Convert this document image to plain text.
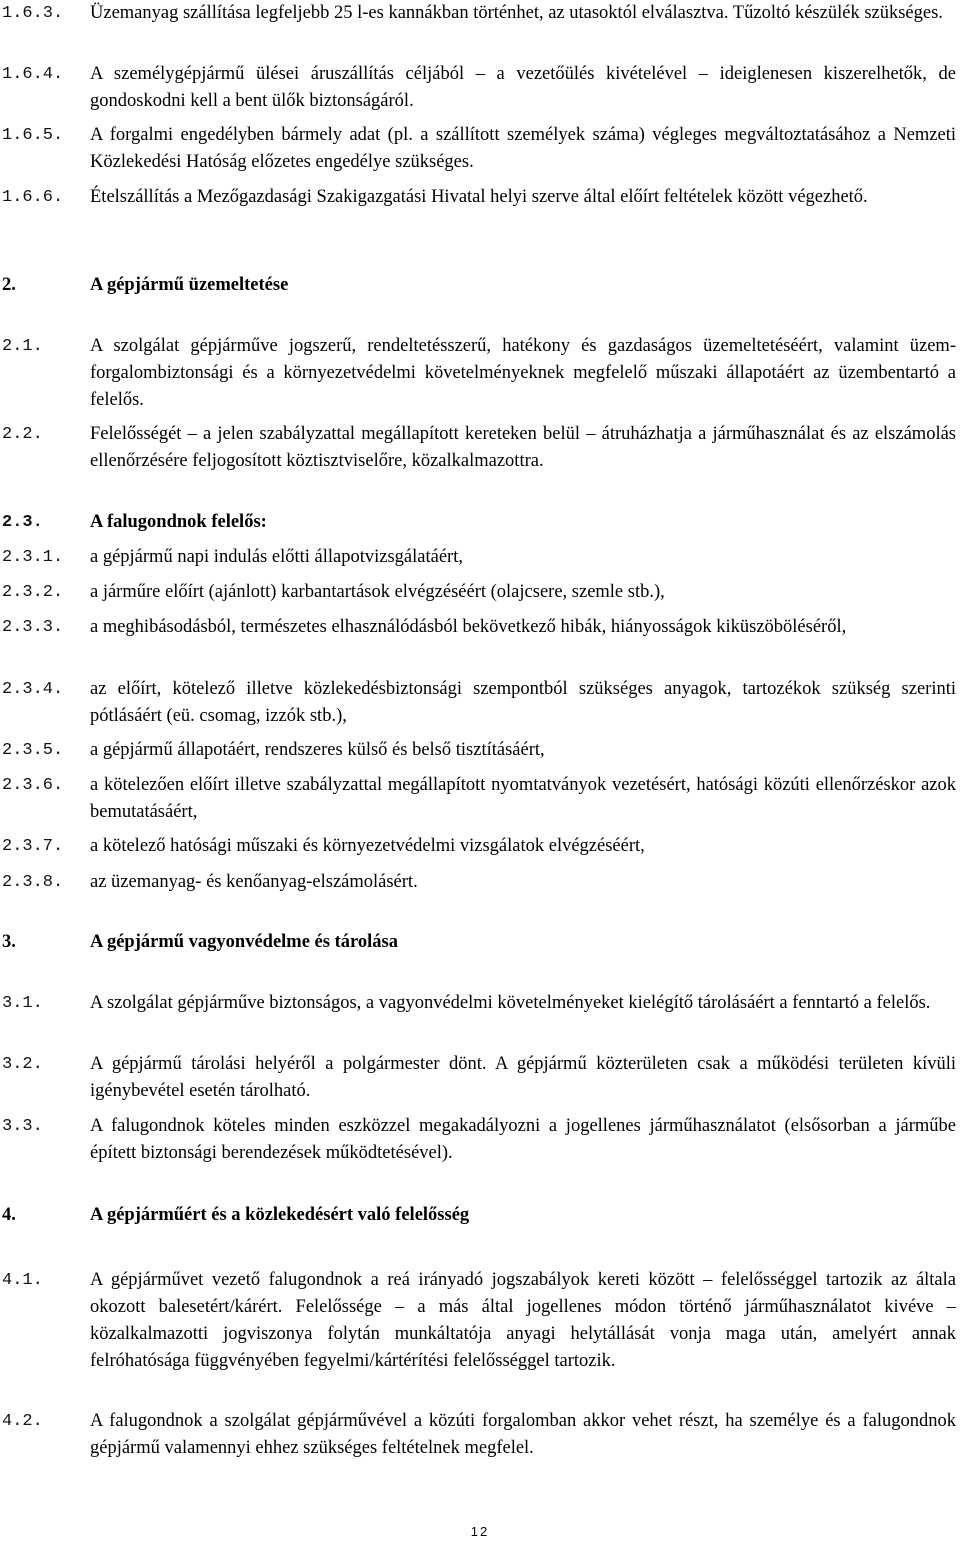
1.6.3. Üzemanyag szállítása legfeljebb 25 l-es kannákban történhet, az utasoktól elválasztva. Tűzoltó készülék szükséges.
1.6.4. A személygépjármű ülései áruszállítás céljából – a vezetőülés kivételével – ideiglenesen kiszerelhetők, de gondoskodni kell a bent ülők biztonságáról.
1.6.5. A forgalmi engedélyben bármely adat (pl. a szállított személyek száma) végleges megváltoztatásához a Nemzeti Közlekedési Hatóság előzetes engedélye szükséges.
1.6.6. Ételszállítás a Mezőgazdasági Szakigazgatási Hivatal helyi szerve által előírt feltételek között végezhető.
2.	A gépjármű üzemeltetése
2.1.	A szolgálat gépjárműve jogszerű, rendeltetésszerű, hatékony és gazdaságos üzemeltetéséért, valamint üzem- forgalombiztonsági és a környezetvédelmi követelményeknek megfelelő műszaki állapotáért az üzembentartó a felelős.
2.2.	Felelősségét – a jelen szabályzattal megállapított kereteken belül – átruházhatja a járműhasználat és az elszámolás ellenőrzésére feljogosított köztisztviselőre, közalkalmazottra.
2.3.	A falugondnok felelős:
2.3.1. a gépjármű napi indulás előtti állapotvizsgálatáért,
2.3.2. a járműre előírt (ajánlott) karbantartások elvégzéséért (olajcsere, szemle stb.),
2.3.3. a meghibásodásból, természetes elhasználódásból bekövetkező hibák, hiányosságok kiküszöböléséről,
2.3.4. az előírt, kötelező illetve közlekedésbiztonsági szempontból szükséges anyagok, tartozékok szükség szerinti pótlásáért (eü. csomag, izzók stb.),
2.3.5. a gépjármű állapotáért, rendszeres külső és belső tisztításáért,
2.3.6. a kötelezően előírt illetve szabályzattal megállapított nyomtatványok vezetésért, hatósági közúti ellenőrzéskor azok bemutatásáért,
2.3.7. a kötelező hatósági műszaki és környezetvédelmi vizsgálatok elvégzéséért,
2.3.8. az üzemanyag- és kenőanyag-elszámolásért.
3.	A gépjármű vagyonvédelme és tárolása
3.1.	A szolgálat gépjárműve biztonságos, a vagyonvédelmi követelményeket kielégítő tárolásáért a fenntartó a felelős.
3.2.	A gépjármű tárolási helyéről a polgármester dönt. A gépjármű közterületen csak a működési területen kívüli igénybevétel esetén tárolható.
3.3.	A falugondnok köteles minden eszközzel megakadályozni a jogellenes járműhasználatot (elsősorban a járműbe épített biztonsági berendezések működtetésével).
4.	A gépjárműért és a közlekedésért való felelősség
4.1.	A gépjárművet vezető falugondnok a reá irányadó jogszabályok kereti között – felelősséggel tartozik az általa okozott balesetért/kárért. Felelőssége – a más által jogellenes módon történő járműhasználatot kivéve – közalkalmazotti jogviszonya folytán munkáltatója anyagi helytállását vonja maga után, amelyért annak felróhatósága függvényében fegyelmi/kártérítési felelősséggel tartozik.
4.2.	A falugondnok a szolgálat gépjárművével a közúti forgalomban akkor vehet részt, ha személye és a falugondnok gépjármű valamennyi ehhez szükséges feltételnek megfelel.
12
